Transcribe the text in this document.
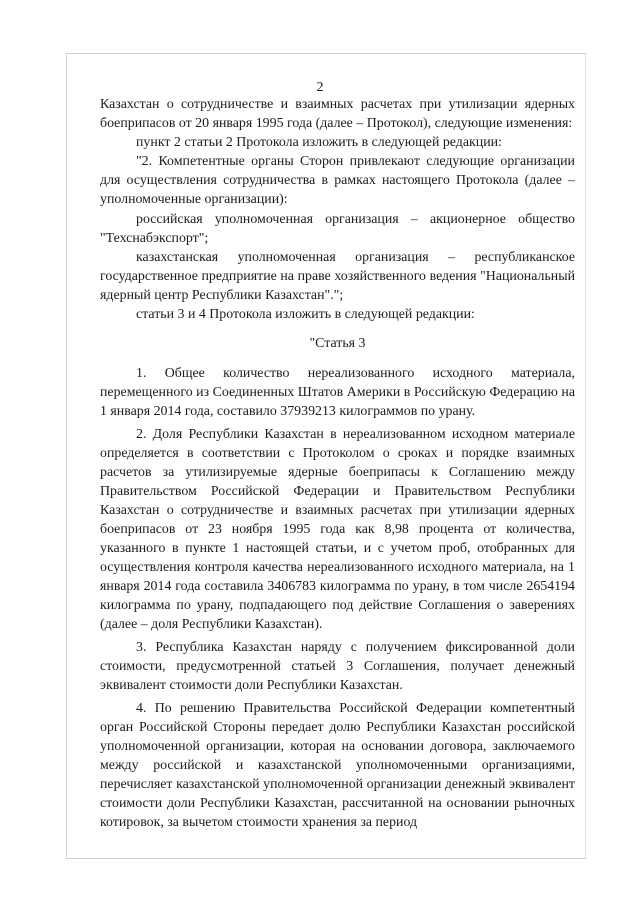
2

Казахстан о сотрудничестве и взаимных расчетах при утилизации ядерных боеприпасов от 20 января 1995 года (далее – Протокол), следующие изменения:

пункт 2 статьи 2 Протокола изложить в следующей редакции:

"2. Компетентные органы Сторон привлекают следующие организации для осуществления сотрудничества в рамках настоящего Протокола (далее – уполномоченные организации):

российская уполномоченная организация – акционерное общество "Техснабэкспорт";

казахстанская уполномоченная организация – республиканское государственное предприятие на праве хозяйственного ведения "Национальный ядерный центр Республики Казахстан".";

статьи 3 и 4 Протокола изложить в следующей редакции:

"Статья 3

1. Общее количество нереализованного исходного материала, перемещенного из Соединенных Штатов Америки в Российскую Федерацию на 1 января 2014 года, составило 37939213 килограммов по урану.

2. Доля Республики Казахстан в нереализованном исходном материале определяется в соответствии с Протоколом о сроках и порядке взаимных расчетов за утилизируемые ядерные боеприпасы к Соглашению между Правительством Российской Федерации и Правительством Республики Казахстан о сотрудничестве и взаимных расчетах при утилизации ядерных боеприпасов от 23 ноября 1995 года как 8,98 процента от количества, указанного в пункте 1 настоящей статьи, и с учетом проб, отобранных для осуществления контроля качества нереализованного исходного материала, на 1 января 2014 года составила 3406783 килограмма по урану, в том числе 2654194 килограмма по урану, подпадающего под действие Соглашения о заверениях (далее – доля Республики Казахстан).

3. Республика Казахстан наряду с получением фиксированной доли стоимости, предусмотренной статьей 3 Соглашения, получает денежный эквивалент стоимости доли Республики Казахстан.

4. По решению Правительства Российской Федерации компетентный орган Российской Стороны передает долю Республики Казахстан российской уполномоченной организации, которая на основании договора, заключаемого между российской и казахстанской уполномоченными организациями, перечисляет казахстанской уполномоченной организации денежный эквивалент стоимости доли Республики Казахстан, рассчитанной на основании рыночных котировок, за вычетом стоимости хранения за период
